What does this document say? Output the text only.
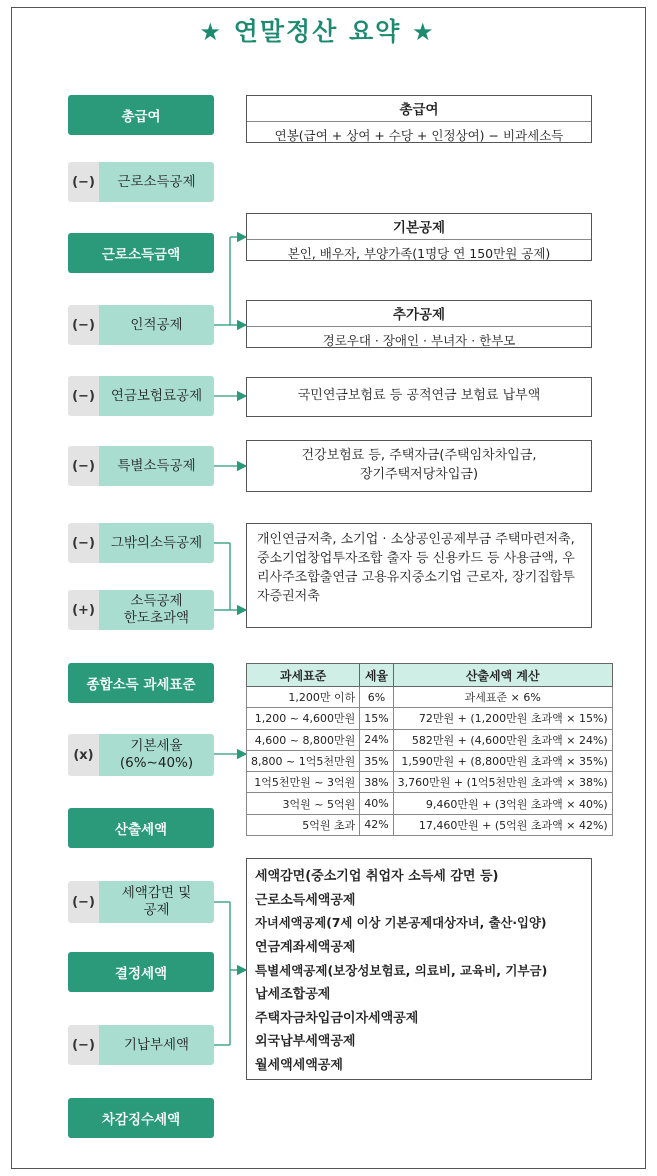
★ 연말정산 요약 ★
총급여
(−)	근로소득공제
근로소득금액
(−)	인적공제
(−)	연금보험료공제
(−)	특별소득공제
(−)	그밖의소득공제
(+)
소득공제
한도초과액
종합소득 과세표준
(x)
기본세율
(6%∼40%)
산출세액
(−)
세액감면 및
공제
결정세액
(−)	기납부세액
차감징수세액
총급여
연봉(급여 + 상여 + 수당 + 인정상여) − 비과세소득
기본공제
본인, 배우자, 부양가족(1명당 연 150만원 공제)
추가공제
경로우대 · 장애인 · 부녀자 · 한부모
국민연금보험료 등 공적연금 보험료 납부액
건강보험료 등, 주택자금(주택임차차입금,
장기주택저당차입금)
개인연금저축, 소기업 · 소상공인공제부금 주택마련저축, 중소기업창업투자조합 출자 등 신용카드 등 사용금액, 우리사주조합출연금 고용유지중소기업 근로자, 장기집합투자증권저축
과세표준	세율	산출세액 계산
1,200만 이하	6%	과세표준 × 6%
1,200 ~ 4,600만원	15%	72만원 + (1,200만원 초과액 × 15%)
4,600 ~ 8,800만원	24%	582만원 + (4,600만원 초과액 × 24%)
8,800 ~ 1억5천만원	35%	1,590만원 + (8,800만원 초과액 × 35%)
1억5천만원 ~ 3억원	38%	3,760만원 + (1억5천만원 초과액 × 38%)
3억원 ~ 5억원	40%	9,460만원 + (3억원 초과액 × 40%)
5억원 초과	42%	17,460만원 + (5억원 초과액 × 42%)
세액감면(중소기업 취업자 소득세 감면 등)
근로소득세액공제
자녀세액공제(7세 이상 기본공제대상자녀, 출산·입양)
연금계좌세액공제
특별세액공제(보장성보험료, 의료비, 교육비, 기부금)
납세조합공제
주택자금차입금이자세액공제
외국납부세액공제
월세액세액공제
